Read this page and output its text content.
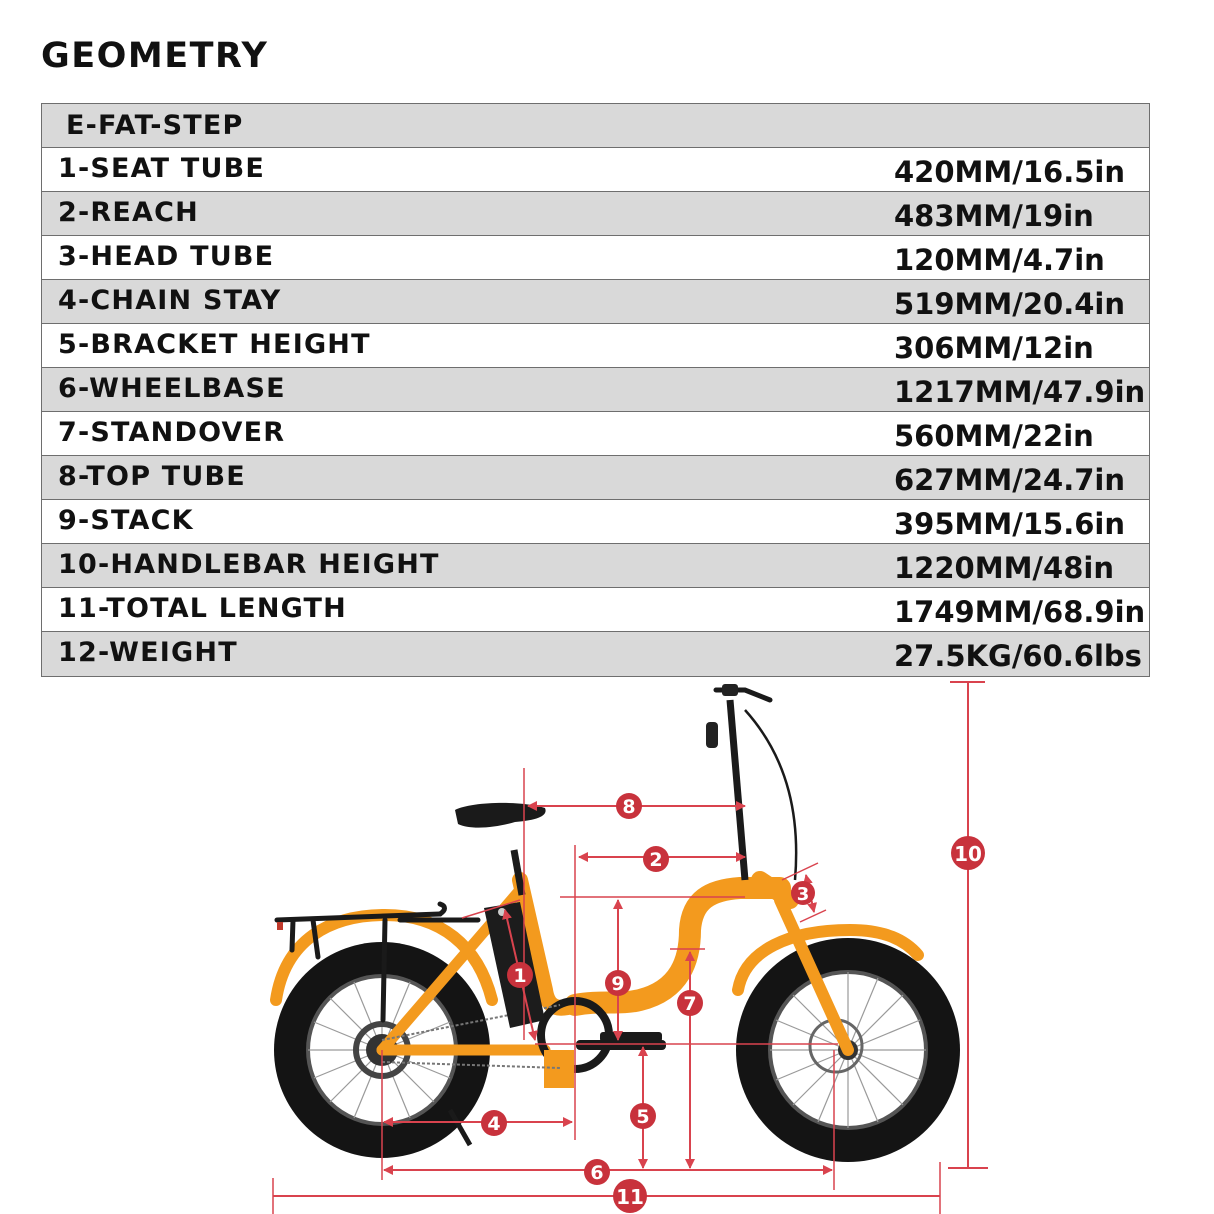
GEOMETRY
E-FAT-STEP
1-SEAT TUBE	420MM/16.5in
2-REACH	483MM/19in
3-HEAD TUBE	120MM/4.7in
4-CHAIN STAY	519MM/20.4in
5-BRACKET HEIGHT	306MM/12in
6-WHEELBASE	1217MM/47.9in
7-STANDOVER	560MM/22in
8-TOP TUBE	627MM/24.7in
9-STACK	395MM/15.6in
10-HANDLEBAR HEIGHT	1220MM/48in
11-TOTAL LENGTH	1749MM/68.9in
12-WEIGHT	27.5KG/60.6lbs
1
2
3
4	5
6
7
8
9
10
11
